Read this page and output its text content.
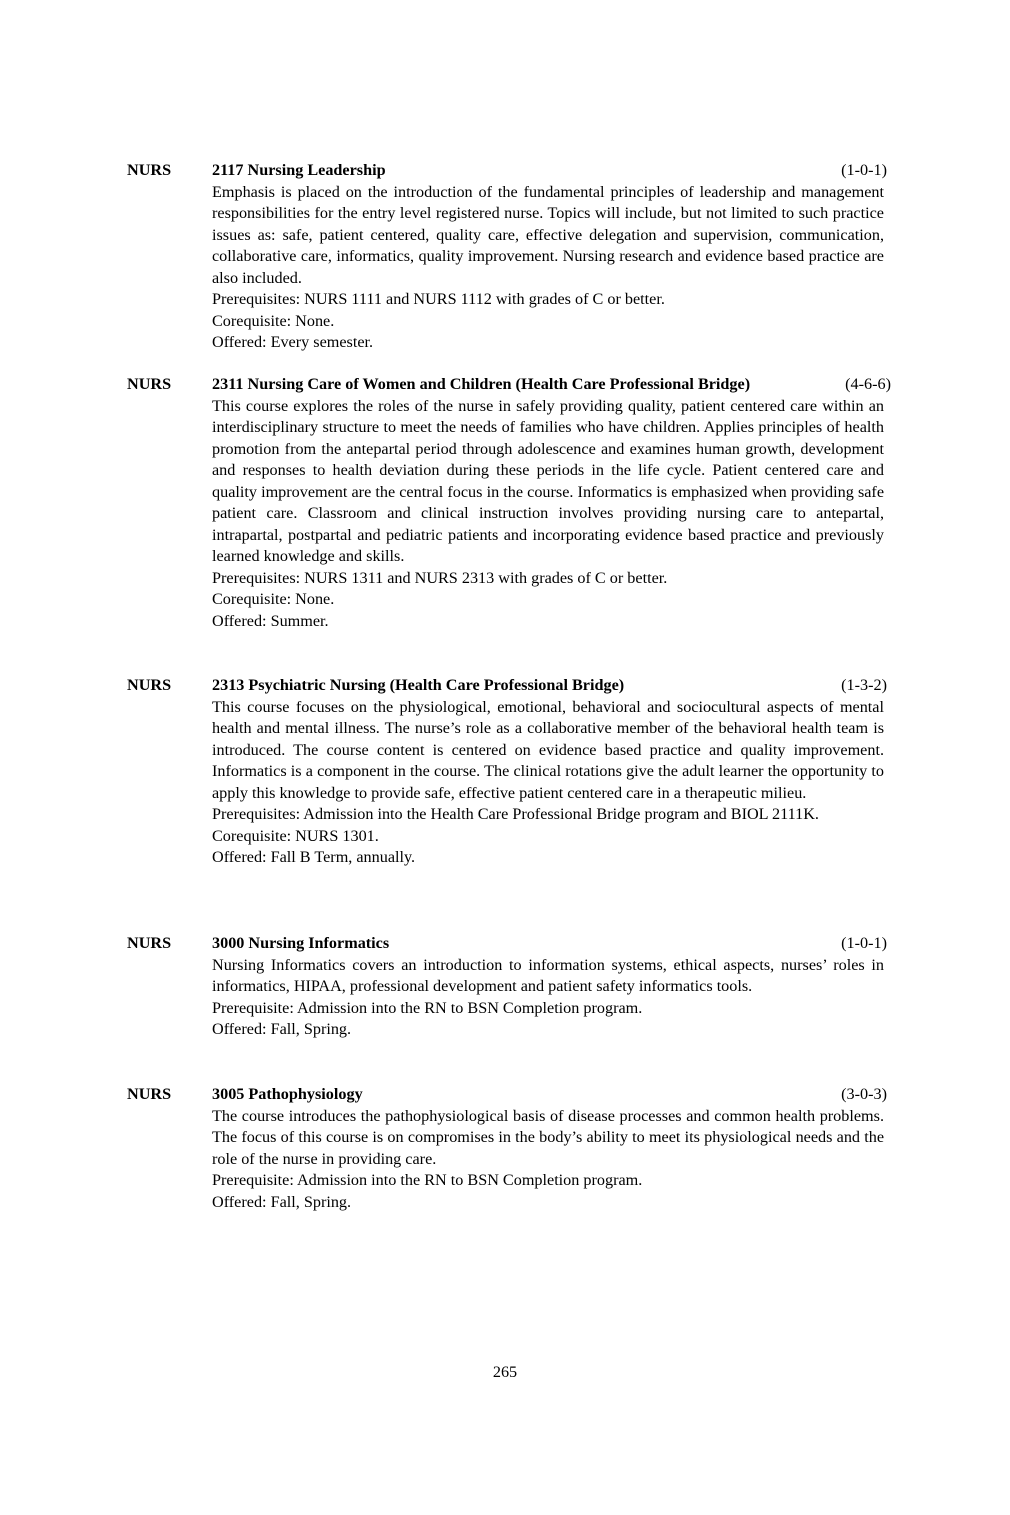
NURS	2117 Nursing Leadership	(1-0-1)
Emphasis is placed on the introduction of the fundamental principles of leadership and management responsibilities for the entry level registered nurse. Topics will include, but not limited to such practice issues as: safe, patient centered, quality care, effective delegation and supervision, communication, collaborative care, informatics, quality improvement. Nursing research and evidence based practice are also included.
Prerequisites: NURS 1111 and NURS 1112 with grades of C or better.
Corequisite: None.
Offered: Every semester.
NURS	2311 Nursing Care of Women and Children (Health Care Professional Bridge)	(4-6-6)
This course explores the roles of the nurse in safely providing quality, patient centered care within an interdisciplinary structure to meet the needs of families who have children. Applies principles of health promotion from the antepartal period through adolescence and examines human growth, development and responses to health deviation during these periods in the life cycle. Patient centered care and quality improvement are the central focus in the course. Informatics is emphasized when providing safe patient care. Classroom and clinical instruction involves providing nursing care to antepartal, intrapartal, postpartal and pediatric patients and incorporating evidence based practice and previously learned knowledge and skills.
Prerequisites: NURS 1311 and NURS 2313 with grades of C or better.
Corequisite: None.
Offered: Summer.
NURS	2313 Psychiatric Nursing (Health Care Professional Bridge)	(1-3-2)
This course focuses on the physiological, emotional, behavioral and sociocultural aspects of mental health and mental illness. The nurse’s role as a collaborative member of the behavioral health team is introduced. The course content is centered on evidence based practice and quality improvement. Informatics is a component in the course. The clinical rotations give the adult learner the opportunity to apply this knowledge to provide safe, effective patient centered care in a therapeutic milieu.
Prerequisites: Admission into the Health Care Professional Bridge program and BIOL 2111K.
Corequisite: NURS 1301.
Offered: Fall B Term, annually.
NURS	3000 Nursing Informatics	(1-0-1)
Nursing Informatics covers an introduction to information systems, ethical aspects, nurses’ roles in informatics, HIPAA, professional development and patient safety informatics tools.
Prerequisite: Admission into the RN to BSN Completion program.
Offered: Fall, Spring.
NURS	3005 Pathophysiology	(3-0-3)
The course introduces the pathophysiological basis of disease processes and common health problems. The focus of this course is on compromises in the body’s ability to meet its physiological needs and the role of the nurse in providing care.
Prerequisite: Admission into the RN to BSN Completion program.
Offered: Fall, Spring.
265
